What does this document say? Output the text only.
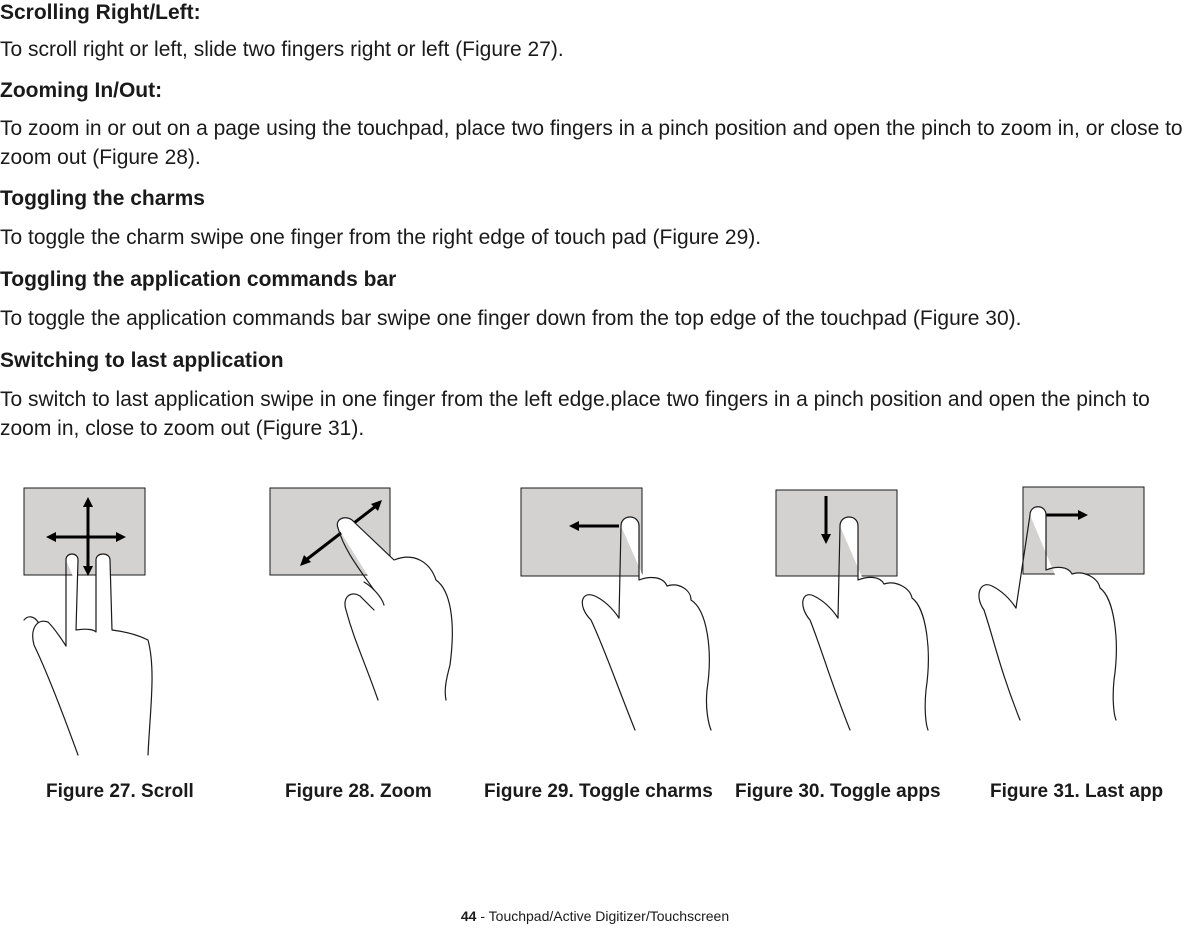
Scrolling Right/Left:
To scroll right or left, slide two fingers right or left (Figure 27).
Zooming In/Out:
To zoom in or out on a page using the touchpad, place two fingers in a pinch position and open the pinch to zoom in, or close to zoom out (Figure 28).
Toggling the charms
To toggle the charm swipe one finger from the right edge of touch pad (Figure 29).
Toggling the application commands bar
To toggle the application commands bar swipe one finger down from the top edge of the touchpad (Figure 30).
Switching to last application
To switch to last application swipe in one finger from the left edge.place two fingers in a pinch position and open the pinch to zoom in, close to zoom out (Figure 31).
Figure 27. Scroll	Figure 28. Zoom	Figure 29. Toggle charms Figure 30. Toggle apps	Figure 31. Last app
44 - Touchpad/Active Digitizer/Touchscreen
